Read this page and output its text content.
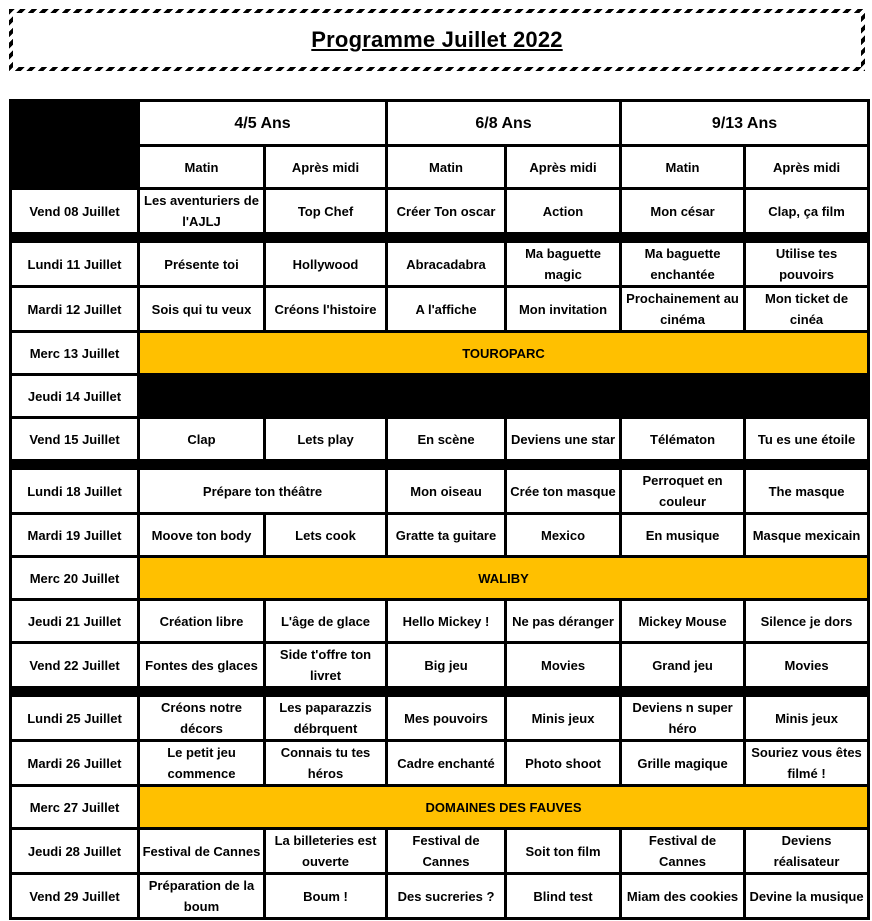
Programme Juillet 2022
	4/5 Ans		6/8 Ans		9/13 Ans	
	Matin	Après midi	Matin	Après midi	Matin	Après midi
Vend 08 Juillet	Les aventuriers de l'AJLJ	Top Chef	Créer Ton oscar	Action	Mon césar	Clap, ça film

Lundi 11 Juillet	Présente toi	Hollywood	Abracadabra	Ma baguette magic	Ma baguette enchantée	Utilise tes pouvoirs
Mardi 12 Juillet	Sois qui tu veux	Créons l'histoire	A l'affiche	Mon invitation	Prochainement au cinéma	Mon ticket de cinéa
Merc 13 Juillet	TOUROPARC					
Jeudi 14 Juillet						
Vend 15 Juillet	Clap	Lets play	En scène	Deviens une star	Télématon	Tu es une étoile

Lundi 18 Juillet	Prépare ton théâtre		Mon oiseau	Crée ton masque	Perroquet en couleur	The masque
Mardi 19 Juillet	Moove ton body	Lets cook	Gratte ta guitare	Mexico	En musique	Masque mexicain
Merc 20 Juillet	WALIBY					
Jeudi 21 Juillet	Création libre	L'âge de glace	Hello Mickey !	Ne pas déranger	Mickey Mouse	Silence je dors
Vend 22 Juillet	Fontes des glaces	Side t'offre ton livret	Big jeu	Movies	Grand jeu	Movies

Lundi 25 Juillet	Créons notre décors	Les paparazzis débrquent	Mes pouvoirs	Minis jeux	Deviens n super héro	Minis jeux
Mardi 26 Juillet	Le petit jeu commence	Connais tu tes héros	Cadre enchanté	Photo shoot	Grille magique	Souriez vous êtes filmé !
Merc 27 Juillet	DOMAINES DES FAUVES					
Jeudi 28 Juillet	Festival de Cannes	La billeteries est ouverte	Festival de Cannes	Soit ton film	Festival de Cannes	Deviens réalisateur
Vend 29 Juillet	Préparation de la boum	Boum !	Des sucreries ?	Blind test	Miam des cookies	Devine la musique
